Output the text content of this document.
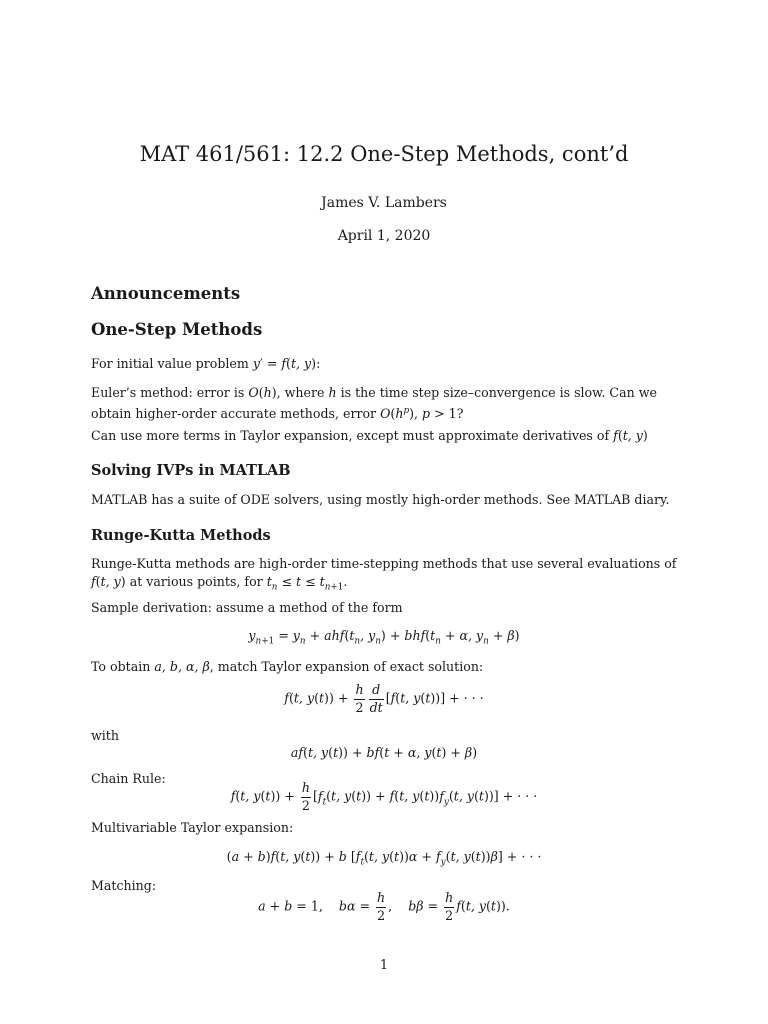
MAT 461/561: 12.2 One-Step Methods, cont’d
James V. Lambers
April 1, 2020
Announcements
One-Step Methods
For initial value problem y′ = f(t, y):
Euler’s method: error is O(h), where h is the time step size–convergence is slow. Can we obtain higher-order accurate methods, error $O(h^p)$, p > 1?
Can use more terms in Taylor expansion, except must approximate derivatives of f(t, y)
Solving IVPs in MATLAB
MATLAB has a suite of ODE solvers, using mostly high-order methods. See MATLAB diary.
Runge-Kutta Methods
Runge-Kutta methods are high-order time-stepping methods that use several evaluations of f(t, y) at various points, for $t_n \le t \le t_{n+1}$.
Sample derivation: assume a method of the form
$y_{n+1} = y_n + ahf(t_n$, $y_n) + bhf(t_n + \alpha$, $y_n + \beta$)
To obtain a, b, α, β, match Taylor expansion of exact solution:
f(t, $y(t)) + \frac{h}{2} \frac{d}{dt} [f(t$, y(t))] + · · ·
with
af(t, y(t)) + bf(t + α, y(t) + β)
Chain Rule:
f(t, $y(t)) + \frac{h}{2} [f_t(t$, y(t)) + f(t, $y(t))f_y(t$, y(t))] + · · ·
Multivariable Taylor expansion:
(a + b)f(t, y(t)) + b [$f_t(t$, $y(t))\alpha + f_y(t$, y(t))β] + · · ·
Matching:
a + b = 1,    $b\alpha = \frac{h}{2}$ ,    $b\beta = \frac{h}{2} f(t$, y(t)).
1
